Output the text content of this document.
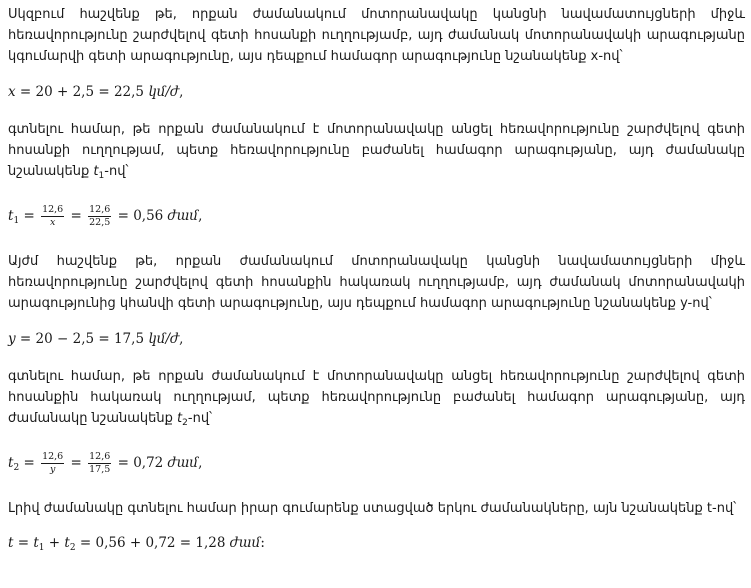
Սկզբում հաշվենք թե, որքան ժամանակում մոտորանավակը կանցնի նավամատույցների միջև հեռավորությունը շարժվելով գետի հոսանքի ուղղությամբ, այդ ժամանակ մոտորանավակի արագությանը կգումարվի գետի արագությունը, այս դեպքում համագոր արագությունը նշանակենք x-ով՝

x = 20 + 2,5 = 22,5 կմ/ժ,

գտնելու համար, թե որքան ժամանակում է մոտորանավակը անցել հեռավորությունը շարժվելով գետի հոսանքի ուղղությամ, պետք հեռավորությունը բաժանել համագոր արագությանը, այդ ժամանակը նշանակենք $t_1-ով՝$

$t_1 = \frac{12,6}{x} = \frac{12,6}{22,5} = 0,56$ ժամ,

Այժմ հաշվենք թե, որքան ժամանակում մոտորանավակը կանցնի նավամատույցների միջև հեռավորությունը շարժվելով գետի հոսանքին հակառակ ուղղությամբ, այդ ժամանակ մոտորանավակի արագությունից կհանվի գետի արագությունը, այս դեպքում համագոր արագությունը նշանակենք y-ով՝

y = 20 − 2,5 = 17,5 կմ/ժ,

գտնելու համար, թե որքան ժամանակում է մոտորանավակը անցել հեռավորությունը շարժվելով գետի հոսանքին հակառակ ուղղությամ, պետք հեռավորությունը բաժանել համագոր արագությանը, այդ ժամանակը նշանակենք $t_2-ով՝$

$t_2 = \frac{12,6}{y} = \frac{12,6}{17,5} = 0,72$ ժամ,

Լրիվ ժամանակը գտնելու համար իրար գումարենք ստացված երկու ժամանակները, այն նշանակենք t-ով՝

$t = t_1 + t_2 = 0,56 + 0,72 = 1,28$ ժամ:
